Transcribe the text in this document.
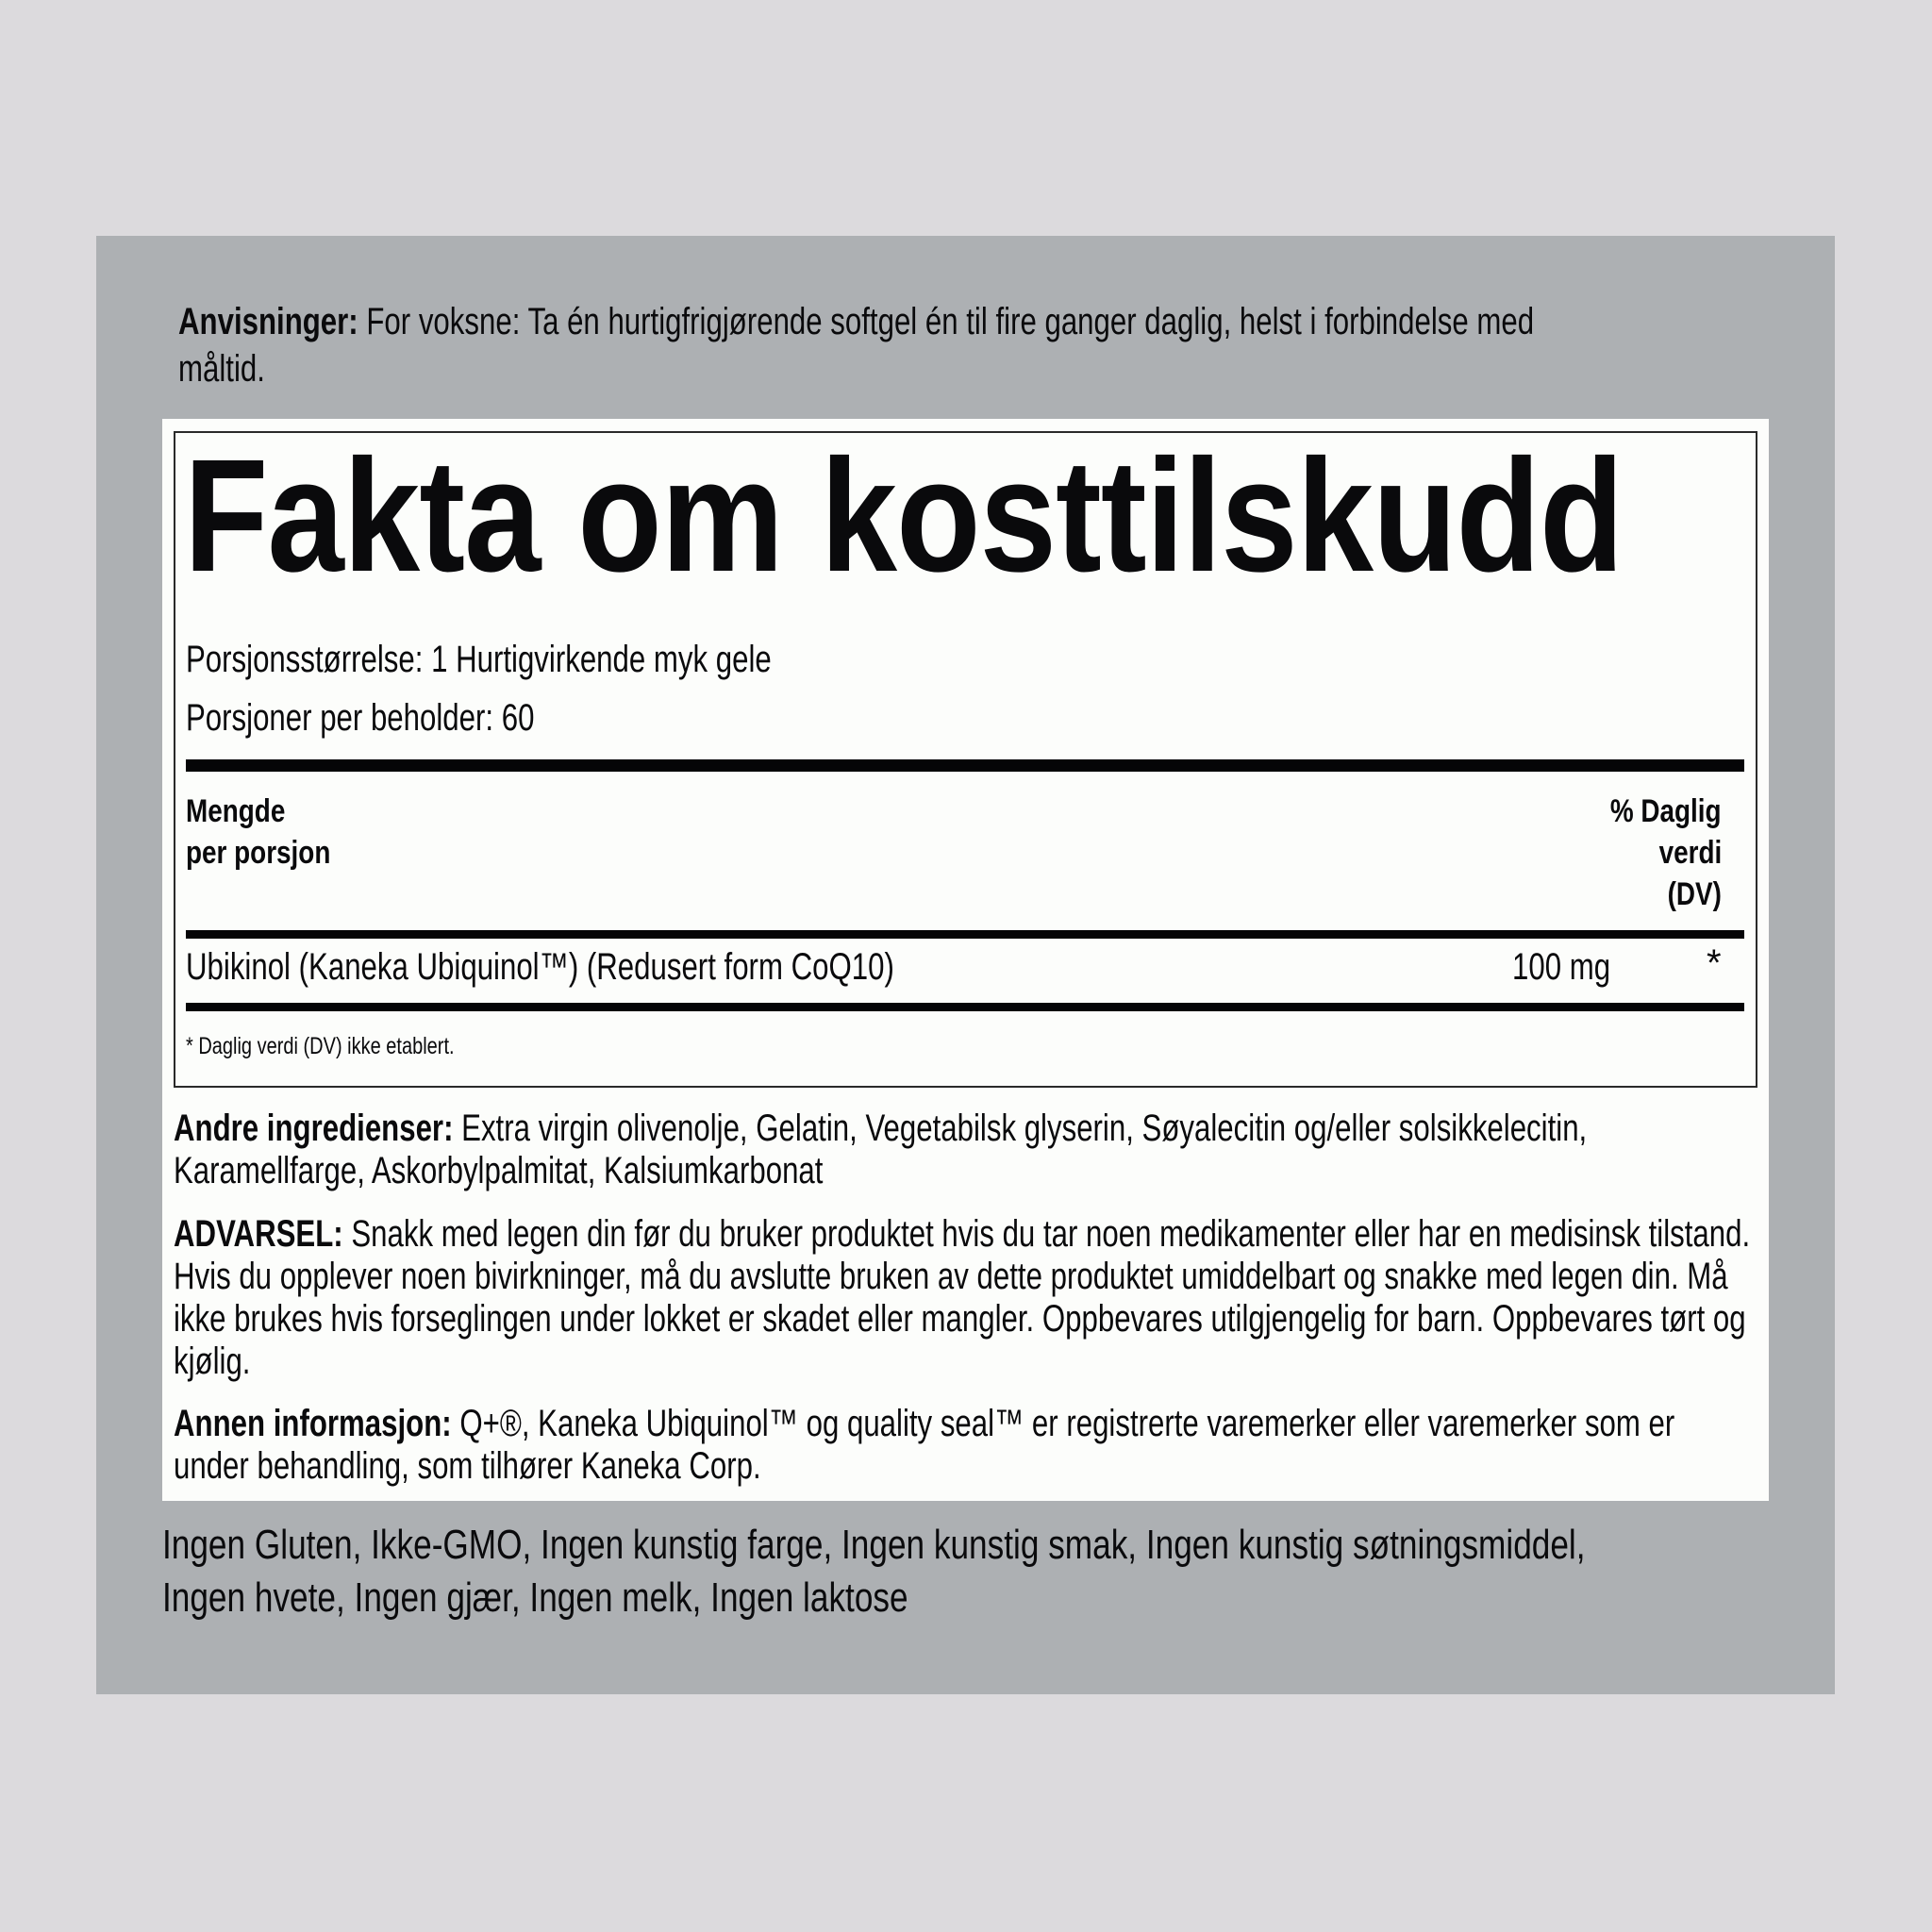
Anvisninger: For voksne: Ta én hurtigfrigjørende softgel én til fire ganger daglig, helst i forbindelse med
måltid.
Fakta om kosttilskudd
Porsjonsstørrelse: 1 Hurtigvirkende myk gele
Porsjoner per beholder: 60
Mengde
per porsjon
% Daglig
verdi
(DV)
Ubikinol (Kaneka Ubiquinol™) (Redusert form CoQ10)	100 mg	*
* Daglig verdi (DV) ikke etablert.
Andre ingredienser: Extra virgin olivenolje, Gelatin, Vegetabilsk glyserin, Søyalecitin og/eller solsikkelecitin,
Karamellfarge, Askorbylpalmitat, Kalsiumkarbonat
ADVARSEL: Snakk med legen din før du bruker produktet hvis du tar noen medikamenter eller har en medisinsk tilstand.
Hvis du opplever noen bivirkninger, må du avslutte bruken av dette produktet umiddelbart og snakke med legen din. Må
ikke brukes hvis forseglingen under lokket er skadet eller mangler. Oppbevares utilgjengelig for barn. Oppbevares tørt og
kjølig.
Annen informasjon: Q+®, Kaneka Ubiquinol™ og quality seal™ er registrerte varemerker eller varemerker som er
under behandling, som tilhører Kaneka Corp.
Ingen Gluten, Ikke-GMO, Ingen kunstig farge, Ingen kunstig smak, Ingen kunstig søtningsmiddel,
Ingen hvete, Ingen gjær, Ingen melk, Ingen laktose
